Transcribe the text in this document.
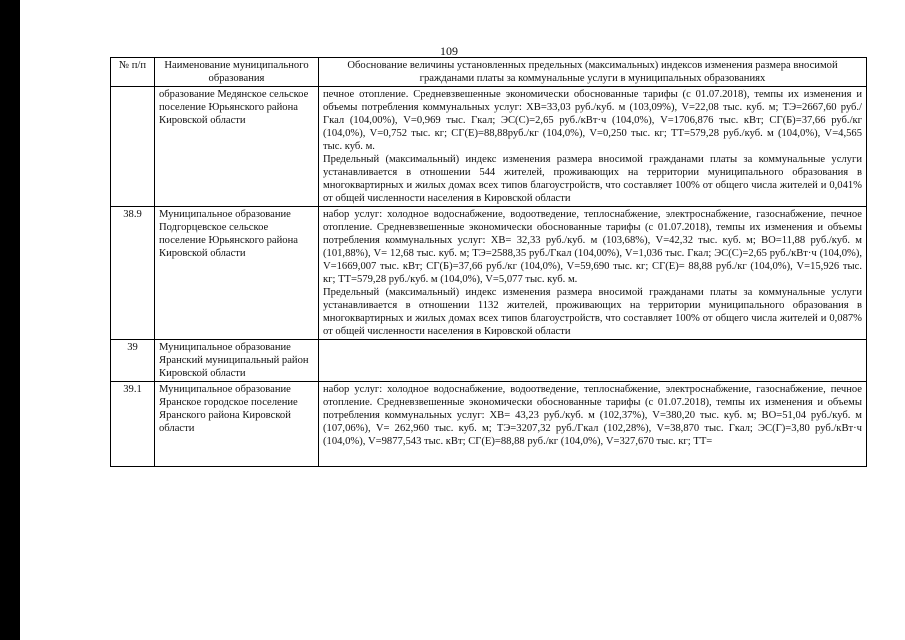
109
№ п/п	Наименование муниципального образования	Обоснование величины установленных предельных (максимальных) индексов изменения размера вносимой гражданами платы за коммунальные услуги в муниципальных образованиях
	образование Медянское сельское поселение Юрьянского района Кировской области	печное отопление. Средневзвешенные экономически обоснованные тарифы (с 01.07.2018), темпы их изменения и объемы потребления коммунальных услуг: ХВ=33,03 руб./куб. м (103,09%), V=22,08 тыс. куб. м; ТЭ=2667,60 руб./Гкал (104,00%), V=0,969 тыс. Гкал; ЭС(С)=2,65 руб./кВт·ч (104,0%), V=1706,876 тыс. кВт; СГ(Б)=37,66 руб./кг (104,0%), V=0,752 тыс. кг; СГ(Е)=88,88руб./кг (104,0%), V=0,250 тыс. кг; ТТ=579,28 руб./куб. м (104,0%), V=4,565 тыс. куб. м.

Предельный (максимальный) индекс изменения размера вносимой гражданами платы за коммунальные услуги устанавливается в отношении 544 жителей, проживающих на территории муниципального образования в многоквартирных и жилых домах всех типов благоустройств, что составляет 100% от общего числа жителей и 0,041% от общей численности населения в Кировской области

38.9	Муниципальное образование Подгорцевское сельское поселение Юрьянского района Кировской области	набор услуг: холодное водоснабжение, водоотведение, теплоснабжение, электроснабжение, газоснабжение, печное отопление. Средневзвешенные экономически обоснованные тарифы (с 01.07.2018), темпы их изменения и объемы потребления коммунальных услуг: ХВ= 32,33 руб./куб. м (103,68%), V=42,32 тыс. куб. м; ВО=11,88 руб./куб. м (101,88%), V= 12,68 тыс. куб. м; ТЭ=2588,35 руб./Гкал (104,00%), V=1,036 тыс. Гкал; ЭС(С)=2,65 руб./кВт·ч (104,0%), V=1669,007 тыс. кВт; СГ(Б)=37,66 руб./кг (104,0%), V=59,690 тыс. кг; СГ(Е)= 88,88 руб./кг (104,0%), V=15,926 тыс. кг; ТТ=579,28 руб./куб. м (104,0%), V=5,077 тыс. куб. м.

Предельный (максимальный) индекс изменения размера вносимой гражданами платы за коммунальные услуги устанавливается в отношении 1132 жителей, проживающих на территории муниципального образования в многоквартирных и жилых домах всех типов благоустройств, что составляет 100% от общего числа жителей и 0,087% от общей численности населения в Кировской области

39	Муниципальное образование Яранский муниципальный район Кировской области	

39.1	Муниципальное образование Яранское городское поселение Яранского района Кировской области	набор услуг: холодное водоснабжение, водоотведение, теплоснабжение, электроснабжение, газоснабжение, печное отопление. Средневзвешенные экономически обоснованные тарифы (с 01.07.2018), темпы их изменения и объемы потребления коммунальных услуг: ХВ= 43,23 руб./куб. м (102,37%), V=380,20 тыс. куб. м; ВО=51,04 руб./куб. м (107,06%), V= 262,960 тыс. куб. м; ТЭ=3207,32 руб./Гкал (102,28%), V=38,870 тыс. Гкал; ЭС(Г)=3,80 руб./кВт·ч (104,0%), V=9877,543 тыс. кВт; СГ(Е)=88,88 руб./кг (104,0%), V=327,670 тыс. кг; ТТ=
